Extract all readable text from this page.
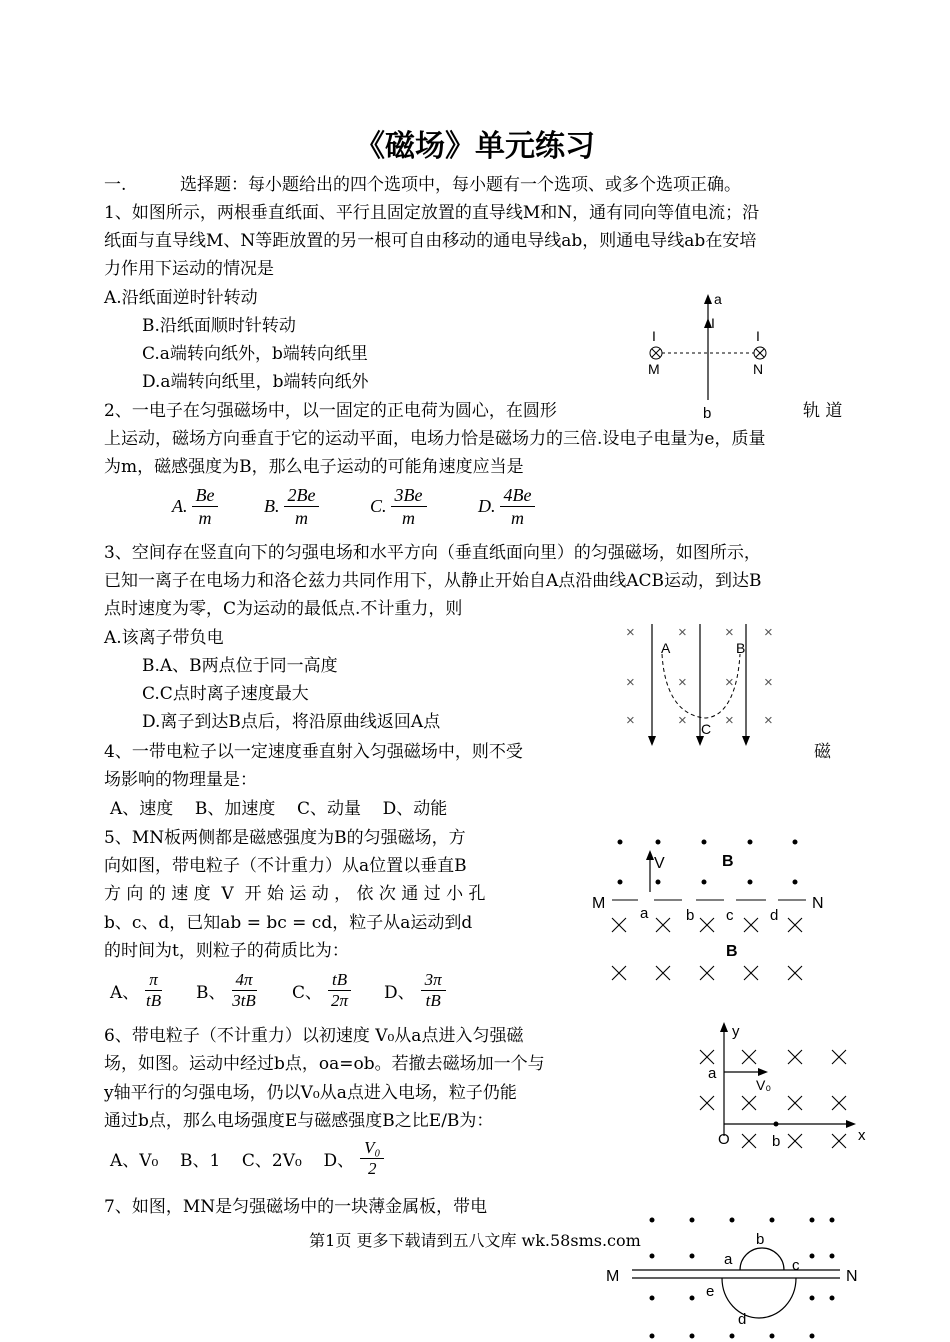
《磁场》单元练习
一.	选择题：每小题给出的四个选项中，每小题有一个选项、或多个选项正确。
1、如图所示，两根垂直纸面、平行且固定放置的直导线M和N，通有同向等值电流；沿
纸面与直导线M、N等距放置的另一根可自由移动的通电导线ab，则通电导线ab在安培
力作用下运动的情况是
A.沿纸面逆时针转动
B.沿纸面顺时针转动
C.a端转向纸外，b端转向纸里
D.a端转向纸里，b端转向纸外
a
I
I	I
M	N
b
2、一电子在匀强磁场中，以一固定的正电荷为圆心，在圆形	轨 道
上运动，磁场方向垂直于它的运动平面，电场力恰是磁场力的三倍.设电子电量为e，质量
为m，磁感强度为B，那么电子运动的可能角速度应当是
A. $\frac{Be}{m}$	B. $\frac{2Be}{m}$	C. $\frac{3Be}{m}$	D. $\frac{4Be}{m}$
3、空间存在竖直向下的匀强电场和水平方向（垂直纸面向里）的匀强磁场，如图所示，
已知一离子在电场力和洛仑兹力共同作用下，从静止开始自A点沿曲线ACB运动，到达B
点时速度为零，C为运动的最低点.不计重力，则
A.该离子带负电
B.A、B两点位于同一高度
C.C点时离子速度最大
D.离子到达B点后，将沿原曲线返回A点
×	×	× ×
×	×	× ×
×	×	× ×
A	B
C
4、一带电粒子以一定速度垂直射入匀强磁场中，则不受	磁
场影响的物理量是：
A、速度    B、加速度    C、动量    D、动能
5、MN板两侧都是磁感强度为B的匀强磁场，方
向如图，带电粒子（不计重力）从a位置以垂直B
方 向 的 速 度  V  开 始 运 动 ， 依 次 通 过 小 孔
b、c、d，已知ab = bc = cd，粒子从a运动到d
的时间为t，则粒子的荷质比为：
A、 $\frac{\pi}{tB}$ B、 $\frac{4\pi}{3tB}$ C、 $\frac{tB}{2\pi}$ D、 $\frac{3\pi}{tB}$
V	B
M	N
a	b c d
B
6、带电粒子（不计重力）以初速度 V₀从a点进入匀强磁
场，如图。运动中经过b点，oa=ob。若撤去磁场加一个与
y轴平行的匀强电场，仍以V₀从a点进入电场，粒子仍能
通过b点，那么电场强度E与磁感强度B之比E/B为：
A、V₀    B、1    C、2V₀    D、 $\frac{\text{V₀}}{2}$
y
x
O
a
V₀
b
7、如图，MN是匀强磁场中的一块薄金属板，带电
M	N
a
b
c
e
d
第1页 更多下载请到五八文库 wk.58sms.com
